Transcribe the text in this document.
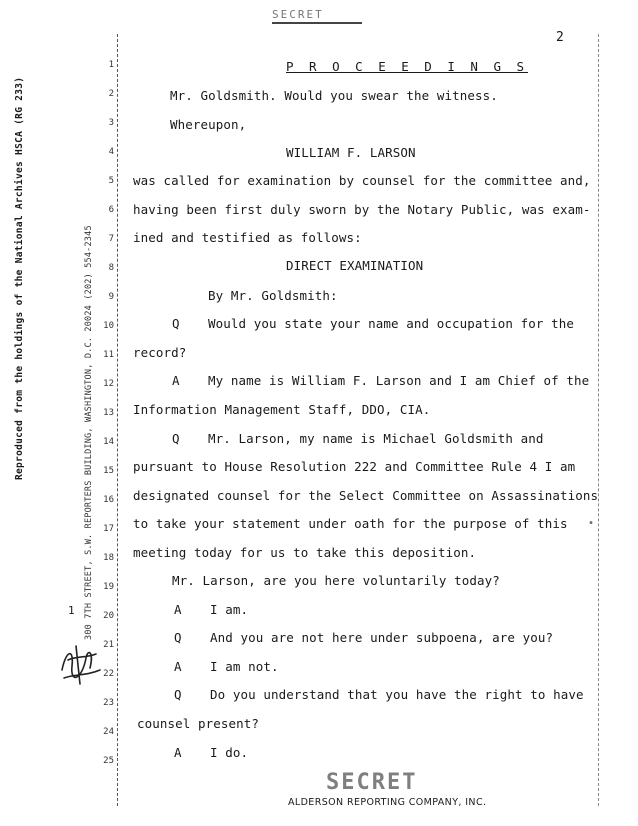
SECRET
2
Reproduced from the holdings of the National Archives HSCA (RG 233)	300 7TH STREET, S.W. REPORTERS BUILDING, WASHINGTON, D.C. 20024 (202) 554-2345
1
1
2
3
4
5
6
7
8
9
10
11
12
13
14
15
16
17
18
19
20
21
22
23
24
25
P R O C E E D I N G S
Mr. Goldsmith. Would you swear the witness.
Whereupon,
WILLIAM F. LARSON
was called for examination by counsel for the committee and,
having been first duly sworn by the Notary Public, was exam-
ined and testified as follows:
DIRECT EXAMINATION
By Mr. Goldsmith:
Q Would you state your name and occupation for the
record?
A My name is William F. Larson and I am Chief of the
Information Management Staff, DDO, CIA.
Q Mr. Larson, my name is Michael Goldsmith and
pursuant to House Resolution 222 and Committee Rule 4 I am
designated counsel for the Select Committee on Assassinations
to take your statement under oath for the purpose of this
meeting today for us to take this deposition.
Mr. Larson, are you here voluntarily today?
A I am.
Q And you are not here under subpoena, are you?
A I am not.
Q Do you understand that you have the right to have
counsel present?
A I do.
•
SECRET
ALDERSON REPORTING COMPANY, INC.
